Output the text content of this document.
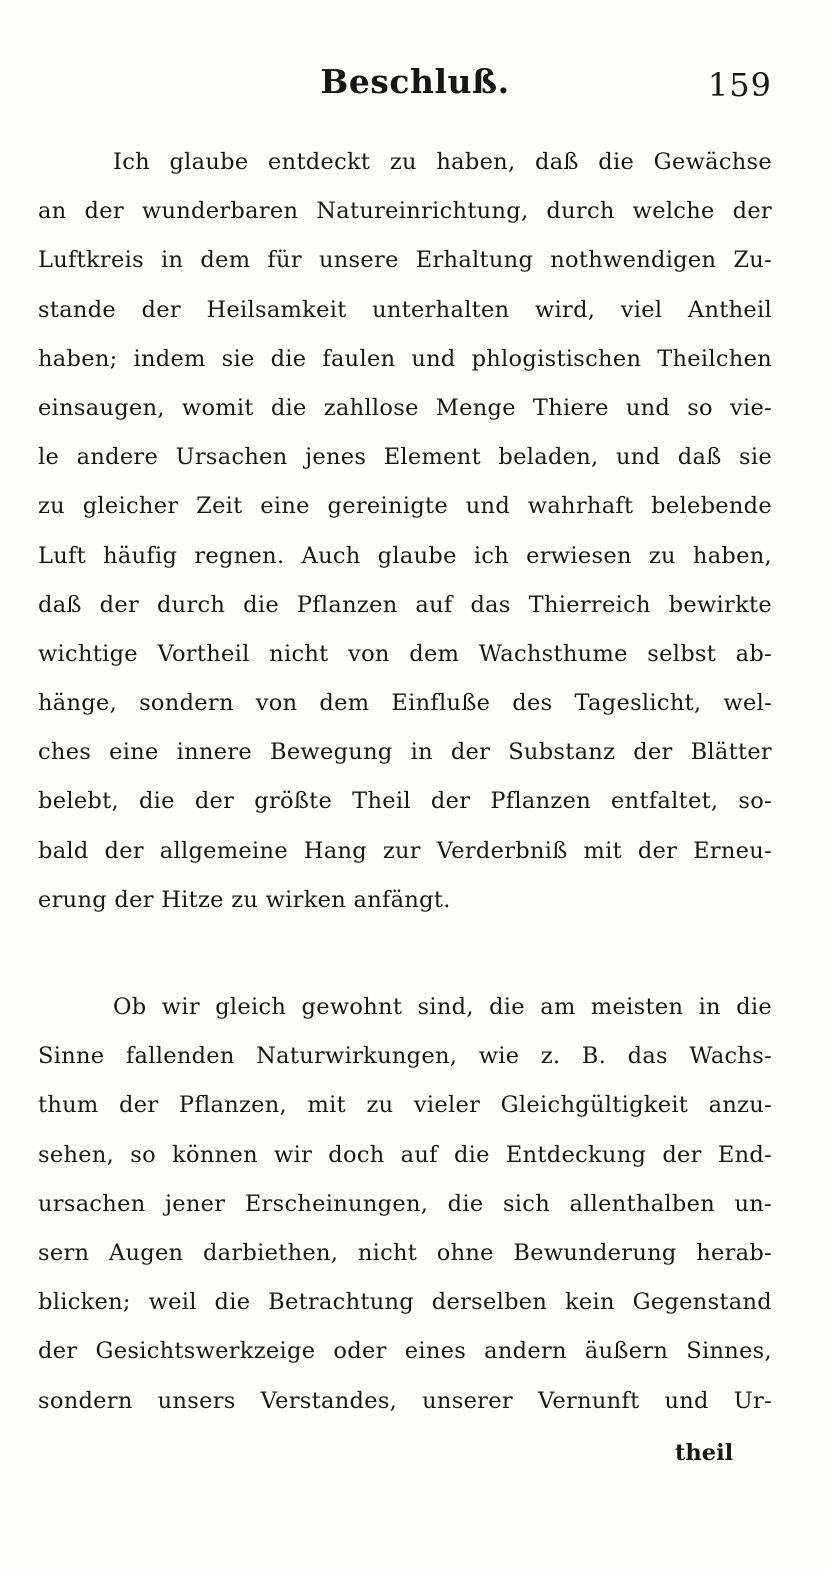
Beschluß.	159
Ich glaube entdeckt zu haben, daß die Gewächse
an der wunderbaren Natureinrichtung, durch welche der
Luftkreis in dem für unsere Erhaltung nothwendigen Zu-
stande der Heilsamkeit unterhalten wird, viel Antheil
haben; indem sie die faulen und phlogistischen Theilchen
einsaugen, womit die zahllose Menge Thiere und so vie-
le andere Ursachen jenes Element beladen, und daß sie
zu gleicher Zeit eine gereinigte und wahrhaft belebende
Luft häufig regnen. Auch glaube ich erwiesen zu haben,
daß der durch die Pflanzen auf das Thierreich bewirkte
wichtige Vortheil nicht von dem Wachsthume selbst ab-
hänge, sondern von dem Einfluße des Tageslicht, wel-
ches eine innere Bewegung in der Substanz der Blätter
belebt, die der größte Theil der Pflanzen entfaltet, so-
bald der allgemeine Hang zur Verderbniß mit der Erneu-
erung der Hitze zu wirken anfängt.
Ob wir gleich gewohnt sind, die am meisten in die
Sinne fallenden Naturwirkungen, wie z. B. das Wachs-
thum der Pflanzen, mit zu vieler Gleichgültigkeit anzu-
sehen, so können wir doch auf die Entdeckung der End-
ursachen jener Erscheinungen, die sich allenthalben un-
sern Augen darbiethen, nicht ohne Bewunderung herab-
blicken; weil die Betrachtung derselben kein Gegenstand
der Gesichtswerkzeige oder eines andern äußern Sinnes,
sondern unsers Verstandes, unserer Vernunft und Ur-
theil
